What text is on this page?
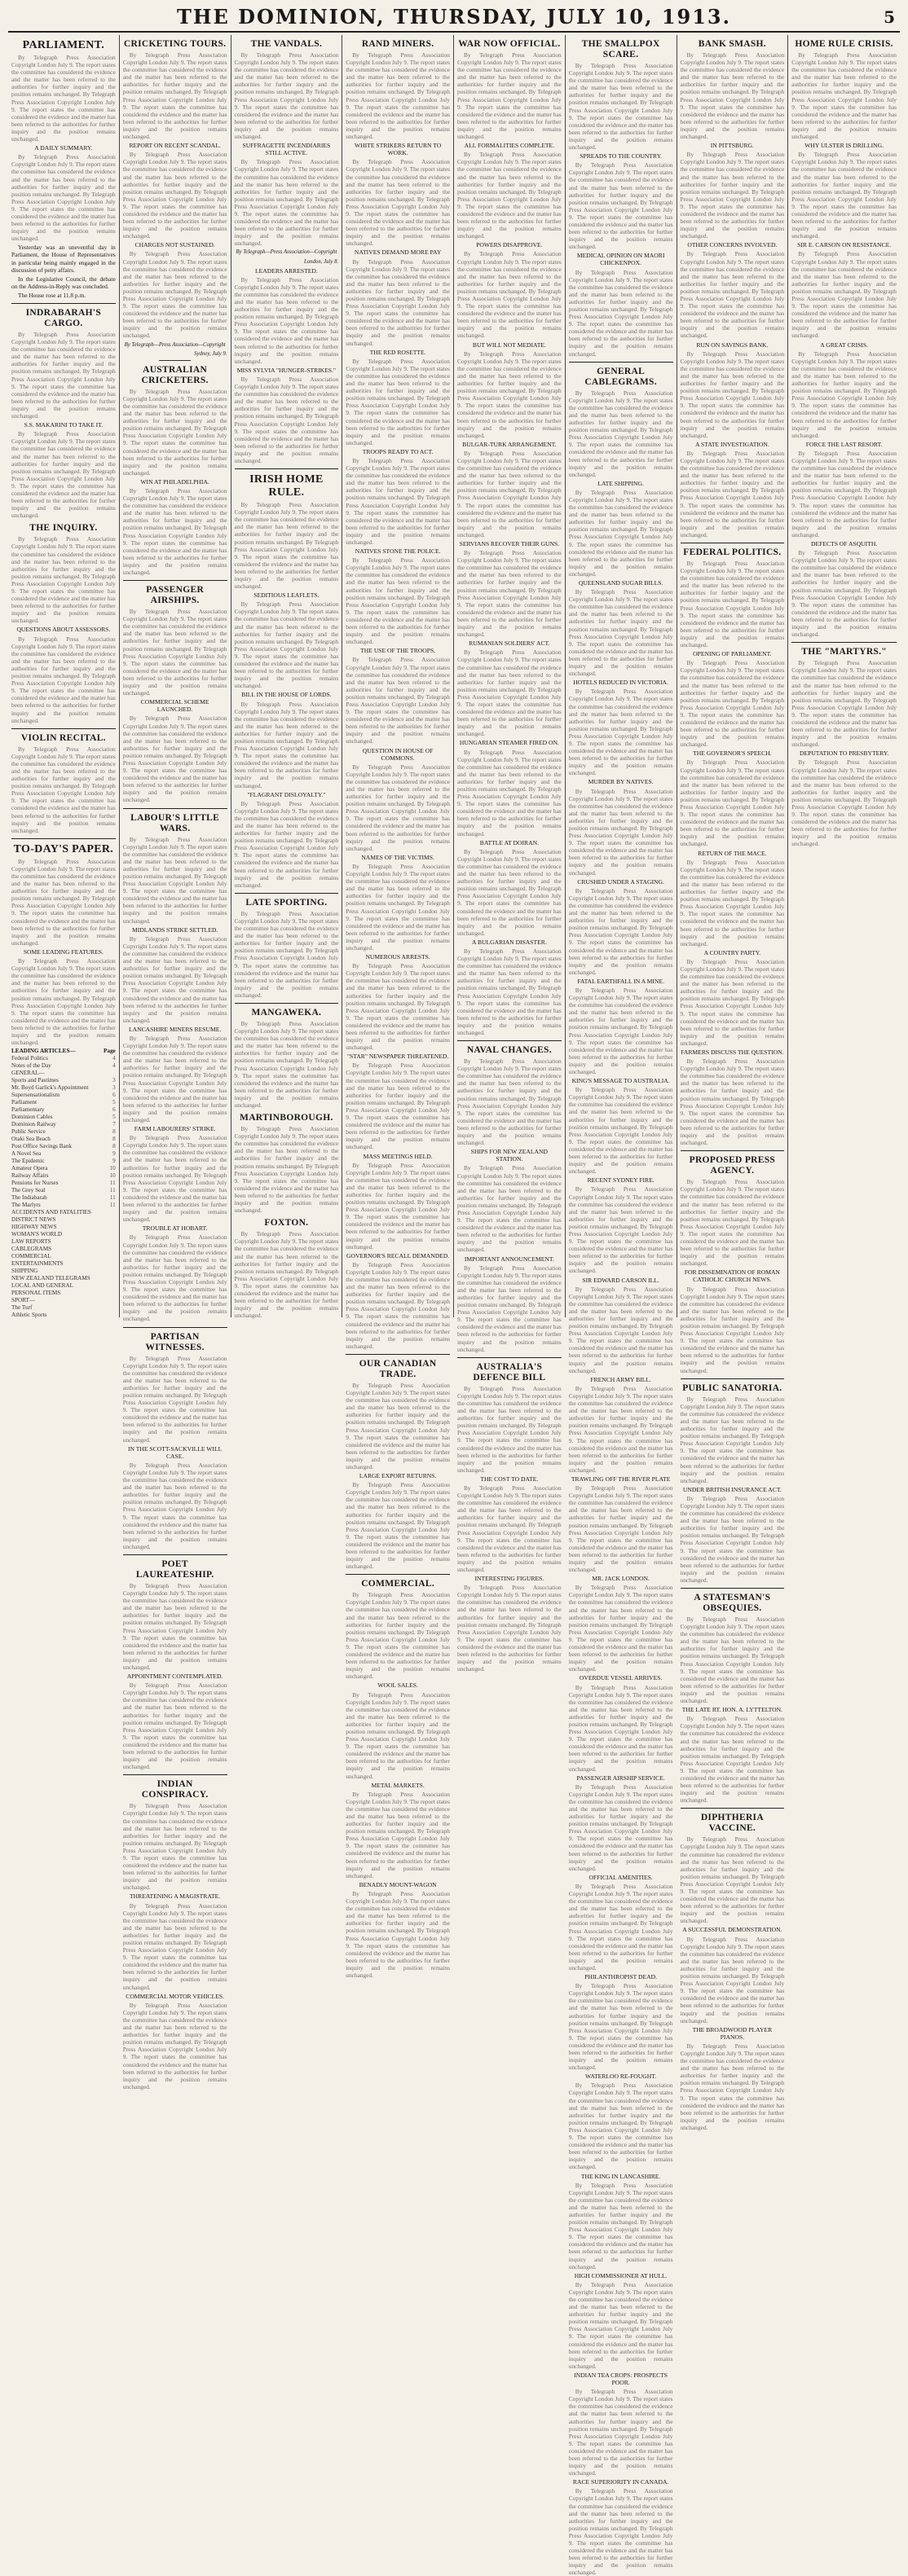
THE DOMINION, THURSDAY, JULY 10, 1913.	5
PARLIAMENT.
By Telegraph Press Association Copyright London July 9. The report states the committee has considered the evidence and the matter has been referred to the authorities for further inquiry and the position remains unchanged. By Telegraph Press Association Copyright London July 9. The report states the committee has considered the evidence and the matter has been referred to the authorities for further inquiry and the position remains unchanged.
A DAILY SUMMARY.
By Telegraph Press Association Copyright London July 9. The report states the committee has considered the evidence and the matter has been referred to the authorities for further inquiry and the position remains unchanged. By Telegraph Press Association Copyright London July 9. The report states the committee has considered the evidence and the matter has been referred to the authorities for further inquiry and the position remains unchanged.
Yesterday was an uneventful day in Parliament, the House of Representatives in particular being mainly engaged in the discussion of petty affairs.
In the Legislative Council, the debate on the Address-in-Reply was concluded.
The House rose at 11.8 p.m.
INDRABARAH'S CARGO.
By Telegraph Press Association Copyright London July 9. The report states the committee has considered the evidence and the matter has been referred to the authorities for further inquiry and the position remains unchanged. By Telegraph Press Association Copyright London July 9. The report states the committee has considered the evidence and the matter has been referred to the authorities for further inquiry and the position remains unchanged.
S.S. MAKARINI TO TAKE IT.
By Telegraph Press Association Copyright London July 9. The report states the committee has considered the evidence and the matter has been referred to the authorities for further inquiry and the position remains unchanged. By Telegraph Press Association Copyright London July 9. The report states the committee has considered the evidence and the matter has been referred to the authorities for further inquiry and the position remains unchanged.
THE INQUIRY.
By Telegraph Press Association Copyright London July 9. The report states the committee has considered the evidence and the matter has been referred to the authorities for further inquiry and the position remains unchanged. By Telegraph Press Association Copyright London July 9. The report states the committee has considered the evidence and the matter has been referred to the authorities for further inquiry and the position remains unchanged.
QUESTIONS ABOUT ASSESSORS.
By Telegraph Press Association Copyright London July 9. The report states the committee has considered the evidence and the matter has been referred to the authorities for further inquiry and the position remains unchanged. By Telegraph Press Association Copyright London July 9. The report states the committee has considered the evidence and the matter has been referred to the authorities for further inquiry and the position remains unchanged.
VIOLIN RECITAL.
By Telegraph Press Association Copyright London July 9. The report states the committee has considered the evidence and the matter has been referred to the authorities for further inquiry and the position remains unchanged. By Telegraph Press Association Copyright London July 9. The report states the committee has considered the evidence and the matter has been referred to the authorities for further inquiry and the position remains unchanged.
TO-DAY'S PAPER.
By Telegraph Press Association Copyright London July 9. The report states the committee has considered the evidence and the matter has been referred to the authorities for further inquiry and the position remains unchanged. By Telegraph Press Association Copyright London July 9. The report states the committee has considered the evidence and the matter has been referred to the authorities for further inquiry and the position remains unchanged.
SOME LEADING FEATURES.
By Telegraph Press Association Copyright London July 9. The report states the committee has considered the evidence and the matter has been referred to the authorities for further inquiry and the position remains unchanged. By Telegraph Press Association Copyright London July 9. The report states the committee has considered the evidence and the matter has been referred to the authorities for further inquiry and the position remains unchanged.
LEADING ARTICLES—	Page
Federal Politics	4
Notes of the Day	4
GENERAL—
Sports and Pastimes	3
Mr. Boyd Garlick's Appointment	3
Supersensationalism	6
Parliament	5
Parliamentary	6
Dominion Cables	5
Dominion Railway	7
Public Service	8
Otaki Sea Beach	8
Post Office Savings Bank	8
A Novel Sea	9
The Epidemic	9
Amateur Opera	10
Railway Affairs	10
Pensions for Nurses	11
The Grey Seal	11
The Indiabarah	11
The Marlyrs	11
ACCIDENTS AND FATALITIES
DISTRICT NEWS
HIGHWAY NEWS
WOMAN'S WORLD
LAW REPORTS
CABLEGRAMS
COMMERCIAL
ENTERTAINMENTS
SHIPPING
NEW ZEALAND TELEGRAMS
LOCAL AND GENERAL
PERSONAL ITEMS
SPORT—
The Turf
Athletic Sports
CRICKETING TOURS.
By Telegraph Press Association Copyright London July 9. The report states the committee has considered the evidence and the matter has been referred to the authorities for further inquiry and the position remains unchanged. By Telegraph Press Association Copyright London July 9. The report states the committee has considered the evidence and the matter has been referred to the authorities for further inquiry and the position remains unchanged.
REPORT ON RECENT SCANDAL.
By Telegraph Press Association Copyright London July 9. The report states the committee has considered the evidence and the matter has been referred to the authorities for further inquiry and the position remains unchanged. By Telegraph Press Association Copyright London July 9. The report states the committee has considered the evidence and the matter has been referred to the authorities for further inquiry and the position remains unchanged.
CHARGES NOT SUSTAINED.
By Telegraph Press Association Copyright London July 9. The report states the committee has considered the evidence and the matter has been referred to the authorities for further inquiry and the position remains unchanged. By Telegraph Press Association Copyright London July 9. The report states the committee has considered the evidence and the matter has been referred to the authorities for further inquiry and the position remains unchanged.
By Telegraph—Press Association—Copyright
Sydney, July 9.
AUSTRALIAN CRICKETERS.
By Telegraph Press Association Copyright London July 9. The report states the committee has considered the evidence and the matter has been referred to the authorities for further inquiry and the position remains unchanged. By Telegraph Press Association Copyright London July 9. The report states the committee has considered the evidence and the matter has been referred to the authorities for further inquiry and the position remains unchanged.
WIN AT PHILADELPHIA.
By Telegraph Press Association Copyright London July 9. The report states the committee has considered the evidence and the matter has been referred to the authorities for further inquiry and the position remains unchanged. By Telegraph Press Association Copyright London July 9. The report states the committee has considered the evidence and the matter has been referred to the authorities for further inquiry and the position remains unchanged.
PASSENGER AIRSHIPS.
By Telegraph Press Association Copyright London July 9. The report states the committee has considered the evidence and the matter has been referred to the authorities for further inquiry and the position remains unchanged. By Telegraph Press Association Copyright London July 9. The report states the committee has considered the evidence and the matter has been referred to the authorities for further inquiry and the position remains unchanged.
COMMERCIAL SCHEME LAUNCHED.
By Telegraph Press Association Copyright London July 9. The report states the committee has considered the evidence and the matter has been referred to the authorities for further inquiry and the position remains unchanged. By Telegraph Press Association Copyright London July 9. The report states the committee has considered the evidence and the matter has been referred to the authorities for further inquiry and the position remains unchanged.
LABOUR'S LITTLE WARS.
By Telegraph Press Association Copyright London July 9. The report states the committee has considered the evidence and the matter has been referred to the authorities for further inquiry and the position remains unchanged. By Telegraph Press Association Copyright London July 9. The report states the committee has considered the evidence and the matter has been referred to the authorities for further inquiry and the position remains unchanged.
MIDLANDS STRIKE SETTLED.
By Telegraph Press Association Copyright London July 9. The report states the committee has considered the evidence and the matter has been referred to the authorities for further inquiry and the position remains unchanged. By Telegraph Press Association Copyright London July 9. The report states the committee has considered the evidence and the matter has been referred to the authorities for further inquiry and the position remains unchanged.
LANCASHIRE MINERS RESUME.
By Telegraph Press Association Copyright London July 9. The report states the committee has considered the evidence and the matter has been referred to the authorities for further inquiry and the position remains unchanged. By Telegraph Press Association Copyright London July 9. The report states the committee has considered the evidence and the matter has been referred to the authorities for further inquiry and the position remains unchanged.
FARM LABOURERS' STRIKE.
By Telegraph Press Association Copyright London July 9. The report states the committee has considered the evidence and the matter has been referred to the authorities for further inquiry and the position remains unchanged. By Telegraph Press Association Copyright London July 9. The report states the committee has considered the evidence and the matter has been referred to the authorities for further inquiry and the position remains unchanged.
TROUBLE AT HOBART.
By Telegraph Press Association Copyright London July 9. The report states the committee has considered the evidence and the matter has been referred to the authorities for further inquiry and the position remains unchanged. By Telegraph Press Association Copyright London July 9. The report states the committee has considered the evidence and the matter has been referred to the authorities for further inquiry and the position remains unchanged.
PARTISAN WITNESSES.
By Telegraph Press Association Copyright London July 9. The report states the committee has considered the evidence and the matter has been referred to the authorities for further inquiry and the position remains unchanged. By Telegraph Press Association Copyright London July 9. The report states the committee has considered the evidence and the matter has been referred to the authorities for further inquiry and the position remains unchanged.
IN THE SCOTT-SACKVILLE WILL CASE.
By Telegraph Press Association Copyright London July 9. The report states the committee has considered the evidence and the matter has been referred to the authorities for further inquiry and the position remains unchanged. By Telegraph Press Association Copyright London July 9. The report states the committee has considered the evidence and the matter has been referred to the authorities for further inquiry and the position remains unchanged.
POET LAUREATESHIP.
By Telegraph Press Association Copyright London July 9. The report states the committee has considered the evidence and the matter has been referred to the authorities for further inquiry and the position remains unchanged. By Telegraph Press Association Copyright London July 9. The report states the committee has considered the evidence and the matter has been referred to the authorities for further inquiry and the position remains unchanged.
APPOINTMENT CONTEMPLATED.
By Telegraph Press Association Copyright London July 9. The report states the committee has considered the evidence and the matter has been referred to the authorities for further inquiry and the position remains unchanged. By Telegraph Press Association Copyright London July 9. The report states the committee has considered the evidence and the matter has been referred to the authorities for further inquiry and the position remains unchanged.
INDIAN CONSPIRACY.
By Telegraph Press Association Copyright London July 9. The report states the committee has considered the evidence and the matter has been referred to the authorities for further inquiry and the position remains unchanged. By Telegraph Press Association Copyright London July 9. The report states the committee has considered the evidence and the matter has been referred to the authorities for further inquiry and the position remains unchanged.
THREATENING A MAGISTRATE.
By Telegraph Press Association Copyright London July 9. The report states the committee has considered the evidence and the matter has been referred to the authorities for further inquiry and the position remains unchanged. By Telegraph Press Association Copyright London July 9. The report states the committee has considered the evidence and the matter has been referred to the authorities for further inquiry and the position remains unchanged.
COMMERCIAL MOTOR VEHICLES.
By Telegraph Press Association Copyright London July 9. The report states the committee has considered the evidence and the matter has been referred to the authorities for further inquiry and the position remains unchanged. By Telegraph Press Association Copyright London July 9. The report states the committee has considered the evidence and the matter has been referred to the authorities for further inquiry and the position remains unchanged.
THE VANDALS.
By Telegraph Press Association Copyright London July 9. The report states the committee has considered the evidence and the matter has been referred to the authorities for further inquiry and the position remains unchanged. By Telegraph Press Association Copyright London July 9. The report states the committee has considered the evidence and the matter has been referred to the authorities for further inquiry and the position remains unchanged.
SUFFRAGETTE INCENDIARIES STILL ACTIVE.
By Telegraph Press Association Copyright London July 9. The report states the committee has considered the evidence and the matter has been referred to the authorities for further inquiry and the position remains unchanged. By Telegraph Press Association Copyright London July 9. The report states the committee has considered the evidence and the matter has been referred to the authorities for further inquiry and the position remains unchanged.
By Telegraph—Press Association—Copyright
London, July 8.
LEADERS ARRESTED.
By Telegraph Press Association Copyright London July 9. The report states the committee has considered the evidence and the matter has been referred to the authorities for further inquiry and the position remains unchanged. By Telegraph Press Association Copyright London July 9. The report states the committee has considered the evidence and the matter has been referred to the authorities for further inquiry and the position remains unchanged.
MISS SYLVIA "HUNGER-STRIKES."
By Telegraph Press Association Copyright London July 9. The report states the committee has considered the evidence and the matter has been referred to the authorities for further inquiry and the position remains unchanged. By Telegraph Press Association Copyright London July 9. The report states the committee has considered the evidence and the matter has been referred to the authorities for further inquiry and the position remains unchanged.
IRISH HOME RULE.
By Telegraph Press Association Copyright London July 9. The report states the committee has considered the evidence and the matter has been referred to the authorities for further inquiry and the position remains unchanged. By Telegraph Press Association Copyright London July 9. The report states the committee has considered the evidence and the matter has been referred to the authorities for further inquiry and the position remains unchanged.
SEDITIOUS LEAFLETS.
By Telegraph Press Association Copyright London July 9. The report states the committee has considered the evidence and the matter has been referred to the authorities for further inquiry and the position remains unchanged. By Telegraph Press Association Copyright London July 9. The report states the committee has considered the evidence and the matter has been referred to the authorities for further inquiry and the position remains unchanged.
BILL IN THE HOUSE OF LORDS.
By Telegraph Press Association Copyright London July 9. The report states the committee has considered the evidence and the matter has been referred to the authorities for further inquiry and the position remains unchanged. By Telegraph Press Association Copyright London July 9. The report states the committee has considered the evidence and the matter has been referred to the authorities for further inquiry and the position remains unchanged.
"FLAGRANT DISLOYALTY."
By Telegraph Press Association Copyright London July 9. The report states the committee has considered the evidence and the matter has been referred to the authorities for further inquiry and the position remains unchanged. By Telegraph Press Association Copyright London July 9. The report states the committee has considered the evidence and the matter has been referred to the authorities for further inquiry and the position remains unchanged.
LATE SPORTING.
By Telegraph Press Association Copyright London July 9. The report states the committee has considered the evidence and the matter has been referred to the authorities for further inquiry and the position remains unchanged. By Telegraph Press Association Copyright London July 9. The report states the committee has considered the evidence and the matter has been referred to the authorities for further inquiry and the position remains unchanged.
MANGAWEKA.
By Telegraph Press Association Copyright London July 9. The report states the committee has considered the evidence and the matter has been referred to the authorities for further inquiry and the position remains unchanged. By Telegraph Press Association Copyright London July 9. The report states the committee has considered the evidence and the matter has been referred to the authorities for further inquiry and the position remains unchanged.
MARTINBOROUGH.
By Telegraph Press Association Copyright London July 9. The report states the committee has considered the evidence and the matter has been referred to the authorities for further inquiry and the position remains unchanged. By Telegraph Press Association Copyright London July 9. The report states the committee has considered the evidence and the matter has been referred to the authorities for further inquiry and the position remains unchanged.
FOXTON.
By Telegraph Press Association Copyright London July 9. The report states the committee has considered the evidence and the matter has been referred to the authorities for further inquiry and the position remains unchanged. By Telegraph Press Association Copyright London July 9. The report states the committee has considered the evidence and the matter has been referred to the authorities for further inquiry and the position remains unchanged.
RAND MINERS.
By Telegraph Press Association Copyright London July 9. The report states the committee has considered the evidence and the matter has been referred to the authorities for further inquiry and the position remains unchanged. By Telegraph Press Association Copyright London July 9. The report states the committee has considered the evidence and the matter has been referred to the authorities for further inquiry and the position remains unchanged.
WHITE STRIKERS RETURN TO WORK.
By Telegraph Press Association Copyright London July 9. The report states the committee has considered the evidence and the matter has been referred to the authorities for further inquiry and the position remains unchanged. By Telegraph Press Association Copyright London July 9. The report states the committee has considered the evidence and the matter has been referred to the authorities for further inquiry and the position remains unchanged.
NATIVES DEMAND MORE PAY
By Telegraph Press Association Copyright London July 9. The report states the committee has considered the evidence and the matter has been referred to the authorities for further inquiry and the position remains unchanged. By Telegraph Press Association Copyright London July 9. The report states the committee has considered the evidence and the matter has been referred to the authorities for further inquiry and the position remains unchanged.
THE RED ROSETTE.
By Telegraph Press Association Copyright London July 9. The report states the committee has considered the evidence and the matter has been referred to the authorities for further inquiry and the position remains unchanged. By Telegraph Press Association Copyright London July 9. The report states the committee has considered the evidence and the matter has been referred to the authorities for further inquiry and the position remains unchanged.
TROOPS READY TO ACT.
By Telegraph Press Association Copyright London July 9. The report states the committee has considered the evidence and the matter has been referred to the authorities for further inquiry and the position remains unchanged. By Telegraph Press Association Copyright London July 9. The report states the committee has considered the evidence and the matter has been referred to the authorities for further inquiry and the position remains unchanged.
NATIVES STONE THE POLICE.
By Telegraph Press Association Copyright London July 9. The report states the committee has considered the evidence and the matter has been referred to the authorities for further inquiry and the position remains unchanged. By Telegraph Press Association Copyright London July 9. The report states the committee has considered the evidence and the matter has been referred to the authorities for further inquiry and the position remains unchanged.
THE USE OF THE TROOPS.
By Telegraph Press Association Copyright London July 9. The report states the committee has considered the evidence and the matter has been referred to the authorities for further inquiry and the position remains unchanged. By Telegraph Press Association Copyright London July 9. The report states the committee has considered the evidence and the matter has been referred to the authorities for further inquiry and the position remains unchanged.
QUESTION IN HOUSE OF COMMONS.
By Telegraph Press Association Copyright London July 9. The report states the committee has considered the evidence and the matter has been referred to the authorities for further inquiry and the position remains unchanged. By Telegraph Press Association Copyright London July 9. The report states the committee has considered the evidence and the matter has been referred to the authorities for further inquiry and the position remains unchanged.
NAMES OF THE VICTIMS.
By Telegraph Press Association Copyright London July 9. The report states the committee has considered the evidence and the matter has been referred to the authorities for further inquiry and the position remains unchanged. By Telegraph Press Association Copyright London July 9. The report states the committee has considered the evidence and the matter has been referred to the authorities for further inquiry and the position remains unchanged.
NUMEROUS ARRESTS.
By Telegraph Press Association Copyright London July 9. The report states the committee has considered the evidence and the matter has been referred to the authorities for further inquiry and the position remains unchanged. By Telegraph Press Association Copyright London July 9. The report states the committee has considered the evidence and the matter has been referred to the authorities for further inquiry and the position remains unchanged.
"STAR" NEWSPAPER THREATENED.
By Telegraph Press Association Copyright London July 9. The report states the committee has considered the evidence and the matter has been referred to the authorities for further inquiry and the position remains unchanged. By Telegraph Press Association Copyright London July 9. The report states the committee has considered the evidence and the matter has been referred to the authorities for further inquiry and the position remains unchanged.
MASS MEETINGS HELD.
By Telegraph Press Association Copyright London July 9. The report states the committee has considered the evidence and the matter has been referred to the authorities for further inquiry and the position remains unchanged. By Telegraph Press Association Copyright London July 9. The report states the committee has considered the evidence and the matter has been referred to the authorities for further inquiry and the position remains unchanged.
GOVERNOR'S RECALL DEMANDED.
By Telegraph Press Association Copyright London July 9. The report states the committee has considered the evidence and the matter has been referred to the authorities for further inquiry and the position remains unchanged. By Telegraph Press Association Copyright London July 9. The report states the committee has considered the evidence and the matter has been referred to the authorities for further inquiry and the position remains unchanged.
OUR CANADIAN TRADE.
By Telegraph Press Association Copyright London July 9. The report states the committee has considered the evidence and the matter has been referred to the authorities for further inquiry and the position remains unchanged. By Telegraph Press Association Copyright London July 9. The report states the committee has considered the evidence and the matter has been referred to the authorities for further inquiry and the position remains unchanged.
LARGE EXPORT RETURNS.
By Telegraph Press Association Copyright London July 9. The report states the committee has considered the evidence and the matter has been referred to the authorities for further inquiry and the position remains unchanged. By Telegraph Press Association Copyright London July 9. The report states the committee has considered the evidence and the matter has been referred to the authorities for further inquiry and the position remains unchanged.
COMMERCIAL.
By Telegraph Press Association Copyright London July 9. The report states the committee has considered the evidence and the matter has been referred to the authorities for further inquiry and the position remains unchanged. By Telegraph Press Association Copyright London July 9. The report states the committee has considered the evidence and the matter has been referred to the authorities for further inquiry and the position remains unchanged.
WOOL SALES.
By Telegraph Press Association Copyright London July 9. The report states the committee has considered the evidence and the matter has been referred to the authorities for further inquiry and the position remains unchanged. By Telegraph Press Association Copyright London July 9. The report states the committee has considered the evidence and the matter has been referred to the authorities for further inquiry and the position remains unchanged.
METAL MARKETS.
By Telegraph Press Association Copyright London July 9. The report states the committee has considered the evidence and the matter has been referred to the authorities for further inquiry and the position remains unchanged. By Telegraph Press Association Copyright London July 9. The report states the committee has considered the evidence and the matter has been referred to the authorities for further inquiry and the position remains unchanged.
BENADLY MOUNT-WAGON
By Telegraph Press Association Copyright London July 9. The report states the committee has considered the evidence and the matter has been referred to the authorities for further inquiry and the position remains unchanged. By Telegraph Press Association Copyright London July 9. The report states the committee has considered the evidence and the matter has been referred to the authorities for further inquiry and the position remains unchanged.
WAR NOW OFFICIAL.
By Telegraph Press Association Copyright London July 9. The report states the committee has considered the evidence and the matter has been referred to the authorities for further inquiry and the position remains unchanged. By Telegraph Press Association Copyright London July 9. The report states the committee has considered the evidence and the matter has been referred to the authorities for further inquiry and the position remains unchanged.
ALL FORMALITIES COMPLETE.
By Telegraph Press Association Copyright London July 9. The report states the committee has considered the evidence and the matter has been referred to the authorities for further inquiry and the position remains unchanged. By Telegraph Press Association Copyright London July 9. The report states the committee has considered the evidence and the matter has been referred to the authorities for further inquiry and the position remains unchanged.
POWERS DISAPPROVE.
By Telegraph Press Association Copyright London July 9. The report states the committee has considered the evidence and the matter has been referred to the authorities for further inquiry and the position remains unchanged. By Telegraph Press Association Copyright London July 9. The report states the committee has considered the evidence and the matter has been referred to the authorities for further inquiry and the position remains unchanged.
BUT WILL NOT MEDIATE.
By Telegraph Press Association Copyright London July 9. The report states the committee has considered the evidence and the matter has been referred to the authorities for further inquiry and the position remains unchanged. By Telegraph Press Association Copyright London July 9. The report states the committee has considered the evidence and the matter has been referred to the authorities for further inquiry and the position remains unchanged.
BULGAR-TURK ARRANGEMENT.
By Telegraph Press Association Copyright London July 9. The report states the committee has considered the evidence and the matter has been referred to the authorities for further inquiry and the position remains unchanged. By Telegraph Press Association Copyright London July 9. The report states the committee has considered the evidence and the matter has been referred to the authorities for further inquiry and the position remains unchanged.
SERVIANS RECOVER THEIR GUNS.
By Telegraph Press Association Copyright London July 9. The report states the committee has considered the evidence and the matter has been referred to the authorities for further inquiry and the position remains unchanged. By Telegraph Press Association Copyright London July 9. The report states the committee has considered the evidence and the matter has been referred to the authorities for further inquiry and the position remains unchanged.
RUMANIAN SOLDIERS' ACT.
By Telegraph Press Association Copyright London July 9. The report states the committee has considered the evidence and the matter has been referred to the authorities for further inquiry and the position remains unchanged. By Telegraph Press Association Copyright London July 9. The report states the committee has considered the evidence and the matter has been referred to the authorities for further inquiry and the position remains unchanged.
HUNGARIAN STEAMER FIRED ON.
By Telegraph Press Association Copyright London July 9. The report states the committee has considered the evidence and the matter has been referred to the authorities for further inquiry and the position remains unchanged. By Telegraph Press Association Copyright London July 9. The report states the committee has considered the evidence and the matter has been referred to the authorities for further inquiry and the position remains unchanged.
BATTLE AT DOIRAN.
By Telegraph Press Association Copyright London July 9. The report states the committee has considered the evidence and the matter has been referred to the authorities for further inquiry and the position remains unchanged. By Telegraph Press Association Copyright London July 9. The report states the committee has considered the evidence and the matter has been referred to the authorities for further inquiry and the position remains unchanged.
A BULGARIAN DISASTER.
By Telegraph Press Association Copyright London July 9. The report states the committee has considered the evidence and the matter has been referred to the authorities for further inquiry and the position remains unchanged. By Telegraph Press Association Copyright London July 9. The report states the committee has considered the evidence and the matter has been referred to the authorities for further inquiry and the position remains unchanged.
NAVAL CHANGES.
By Telegraph Press Association Copyright London July 9. The report states the committee has considered the evidence and the matter has been referred to the authorities for further inquiry and the position remains unchanged. By Telegraph Press Association Copyright London July 9. The report states the committee has considered the evidence and the matter has been referred to the authorities for further inquiry and the position remains unchanged.
SHIPS FOR NEW ZEALAND STATION.
By Telegraph Press Association Copyright London July 9. The report states the committee has considered the evidence and the matter has been referred to the authorities for further inquiry and the position remains unchanged. By Telegraph Press Association Copyright London July 9. The report states the committee has considered the evidence and the matter has been referred to the authorities for further inquiry and the position remains unchanged.
IMPORTANT ANNOUNCEMENT.
By Telegraph Press Association Copyright London July 9. The report states the committee has considered the evidence and the matter has been referred to the authorities for further inquiry and the position remains unchanged. By Telegraph Press Association Copyright London July 9. The report states the committee has considered the evidence and the matter has been referred to the authorities for further inquiry and the position remains unchanged.
AUSTRALIA'S DEFENCE BILL
By Telegraph Press Association Copyright London July 9. The report states the committee has considered the evidence and the matter has been referred to the authorities for further inquiry and the position remains unchanged. By Telegraph Press Association Copyright London July 9. The report states the committee has considered the evidence and the matter has been referred to the authorities for further inquiry and the position remains unchanged.
THE COST TO DATE.
By Telegraph Press Association Copyright London July 9. The report states the committee has considered the evidence and the matter has been referred to the authorities for further inquiry and the position remains unchanged. By Telegraph Press Association Copyright London July 9. The report states the committee has considered the evidence and the matter has been referred to the authorities for further inquiry and the position remains unchanged.
INTERESTING FIGURES.
By Telegraph Press Association Copyright London July 9. The report states the committee has considered the evidence and the matter has been referred to the authorities for further inquiry and the position remains unchanged. By Telegraph Press Association Copyright London July 9. The report states the committee has considered the evidence and the matter has been referred to the authorities for further inquiry and the position remains unchanged.
THE SMALLPOX SCARE.
By Telegraph Press Association Copyright London July 9. The report states the committee has considered the evidence and the matter has been referred to the authorities for further inquiry and the position remains unchanged. By Telegraph Press Association Copyright London July 9. The report states the committee has considered the evidence and the matter has been referred to the authorities for further inquiry and the position remains unchanged.
SPREADS TO THE COUNTRY.
By Telegraph Press Association Copyright London July 9. The report states the committee has considered the evidence and the matter has been referred to the authorities for further inquiry and the position remains unchanged. By Telegraph Press Association Copyright London July 9. The report states the committee has considered the evidence and the matter has been referred to the authorities for further inquiry and the position remains unchanged.
MEDICAL OPINION ON MAORI CHICKENPOX.
By Telegraph Press Association Copyright London July 9. The report states the committee has considered the evidence and the matter has been referred to the authorities for further inquiry and the position remains unchanged. By Telegraph Press Association Copyright London July 9. The report states the committee has considered the evidence and the matter has been referred to the authorities for further inquiry and the position remains unchanged.
GENERAL CABLEGRAMS.
By Telegraph Press Association Copyright London July 9. The report states the committee has considered the evidence and the matter has been referred to the authorities for further inquiry and the position remains unchanged. By Telegraph Press Association Copyright London July 9. The report states the committee has considered the evidence and the matter has been referred to the authorities for further inquiry and the position remains unchanged.
LATE SHIPPING.
By Telegraph Press Association Copyright London July 9. The report states the committee has considered the evidence and the matter has been referred to the authorities for further inquiry and the position remains unchanged. By Telegraph Press Association Copyright London July 9. The report states the committee has considered the evidence and the matter has been referred to the authorities for further inquiry and the position remains unchanged.
QUEENSLAND SUGAR BILLS.
By Telegraph Press Association Copyright London July 9. The report states the committee has considered the evidence and the matter has been referred to the authorities for further inquiry and the position remains unchanged. By Telegraph Press Association Copyright London July 9. The report states the committee has considered the evidence and the matter has been referred to the authorities for further inquiry and the position remains unchanged.
HOTELS REDUCED IN VICTORIA.
By Telegraph Press Association Copyright London July 9. The report states the committee has considered the evidence and the matter has been referred to the authorities for further inquiry and the position remains unchanged. By Telegraph Press Association Copyright London July 9. The report states the committee has considered the evidence and the matter has been referred to the authorities for further inquiry and the position remains unchanged.
MURDER BY NATIVES.
By Telegraph Press Association Copyright London July 9. The report states the committee has considered the evidence and the matter has been referred to the authorities for further inquiry and the position remains unchanged. By Telegraph Press Association Copyright London July 9. The report states the committee has considered the evidence and the matter has been referred to the authorities for further inquiry and the position remains unchanged.
CRUSHED UNDER A STAGING.
By Telegraph Press Association Copyright London July 9. The report states the committee has considered the evidence and the matter has been referred to the authorities for further inquiry and the position remains unchanged. By Telegraph Press Association Copyright London July 9. The report states the committee has considered the evidence and the matter has been referred to the authorities for further inquiry and the position remains unchanged.
FATAL EARTHFALL IN A MINE.
By Telegraph Press Association Copyright London July 9. The report states the committee has considered the evidence and the matter has been referred to the authorities for further inquiry and the position remains unchanged. By Telegraph Press Association Copyright London July 9. The report states the committee has considered the evidence and the matter has been referred to the authorities for further inquiry and the position remains unchanged.
KING'S MESSAGE TO AUSTRALIA.
By Telegraph Press Association Copyright London July 9. The report states the committee has considered the evidence and the matter has been referred to the authorities for further inquiry and the position remains unchanged. By Telegraph Press Association Copyright London July 9. The report states the committee has considered the evidence and the matter has been referred to the authorities for further inquiry and the position remains unchanged.
RECENT SYDNEY FIRE.
By Telegraph Press Association Copyright London July 9. The report states the committee has considered the evidence and the matter has been referred to the authorities for further inquiry and the position remains unchanged. By Telegraph Press Association Copyright London July 9. The report states the committee has considered the evidence and the matter has been referred to the authorities for further inquiry and the position remains unchanged.
SIR EDWARD CARSON ILL.
By Telegraph Press Association Copyright London July 9. The report states the committee has considered the evidence and the matter has been referred to the authorities for further inquiry and the position remains unchanged. By Telegraph Press Association Copyright London July 9. The report states the committee has considered the evidence and the matter has been referred to the authorities for further inquiry and the position remains unchanged.
FRENCH ARMY BILL.
By Telegraph Press Association Copyright London July 9. The report states the committee has considered the evidence and the matter has been referred to the authorities for further inquiry and the position remains unchanged. By Telegraph Press Association Copyright London July 9. The report states the committee has considered the evidence and the matter has been referred to the authorities for further inquiry and the position remains unchanged.
TRAWLING OFF THE RIVER PLATE
By Telegraph Press Association Copyright London July 9. The report states the committee has considered the evidence and the matter has been referred to the authorities for further inquiry and the position remains unchanged. By Telegraph Press Association Copyright London July 9. The report states the committee has considered the evidence and the matter has been referred to the authorities for further inquiry and the position remains unchanged.
MR. JACK LONDON.
By Telegraph Press Association Copyright London July 9. The report states the committee has considered the evidence and the matter has been referred to the authorities for further inquiry and the position remains unchanged. By Telegraph Press Association Copyright London July 9. The report states the committee has considered the evidence and the matter has been referred to the authorities for further inquiry and the position remains unchanged.
OVERDUE VESSEL ARRIVES.
By Telegraph Press Association Copyright London July 9. The report states the committee has considered the evidence and the matter has been referred to the authorities for further inquiry and the position remains unchanged. By Telegraph Press Association Copyright London July 9. The report states the committee has considered the evidence and the matter has been referred to the authorities for further inquiry and the position remains unchanged.
PASSENGER AIRSHIP SERVICE.
By Telegraph Press Association Copyright London July 9. The report states the committee has considered the evidence and the matter has been referred to the authorities for further inquiry and the position remains unchanged. By Telegraph Press Association Copyright London July 9. The report states the committee has considered the evidence and the matter has been referred to the authorities for further inquiry and the position remains unchanged.
OFFICIAL AMENITIES.
By Telegraph Press Association Copyright London July 9. The report states the committee has considered the evidence and the matter has been referred to the authorities for further inquiry and the position remains unchanged. By Telegraph Press Association Copyright London July 9. The report states the committee has considered the evidence and the matter has been referred to the authorities for further inquiry and the position remains unchanged.
PHILANTHROPIST DEAD.
By Telegraph Press Association Copyright London July 9. The report states the committee has considered the evidence and the matter has been referred to the authorities for further inquiry and the position remains unchanged. By Telegraph Press Association Copyright London July 9. The report states the committee has considered the evidence and the matter has been referred to the authorities for further inquiry and the position remains unchanged.
WATERLOO RE-FOUGHT.
By Telegraph Press Association Copyright London July 9. The report states the committee has considered the evidence and the matter has been referred to the authorities for further inquiry and the position remains unchanged. By Telegraph Press Association Copyright London July 9. The report states the committee has considered the evidence and the matter has been referred to the authorities for further inquiry and the position remains unchanged.
THE KING IN LANCASHIRE.
By Telegraph Press Association Copyright London July 9. The report states the committee has considered the evidence and the matter has been referred to the authorities for further inquiry and the position remains unchanged. By Telegraph Press Association Copyright London July 9. The report states the committee has considered the evidence and the matter has been referred to the authorities for further inquiry and the position remains unchanged.
HIGH COMMISSIONER AT HULL.
By Telegraph Press Association Copyright London July 9. The report states the committee has considered the evidence and the matter has been referred to the authorities for further inquiry and the position remains unchanged. By Telegraph Press Association Copyright London July 9. The report states the committee has considered the evidence and the matter has been referred to the authorities for further inquiry and the position remains unchanged.
INDIAN TEA CROPS: PROSPECTS POOR.
By Telegraph Press Association Copyright London July 9. The report states the committee has considered the evidence and the matter has been referred to the authorities for further inquiry and the position remains unchanged. By Telegraph Press Association Copyright London July 9. The report states the committee has considered the evidence and the matter has been referred to the authorities for further inquiry and the position remains unchanged.
RACE SUPERIORITY IN CANADA.
By Telegraph Press Association Copyright London July 9. The report states the committee has considered the evidence and the matter has been referred to the authorities for further inquiry and the position remains unchanged. By Telegraph Press Association Copyright London July 9. The report states the committee has considered the evidence and the matter has been referred to the authorities for further inquiry and the position remains unchanged.
BANK SMASH.
By Telegraph Press Association Copyright London July 9. The report states the committee has considered the evidence and the matter has been referred to the authorities for further inquiry and the position remains unchanged. By Telegraph Press Association Copyright London July 9. The report states the committee has considered the evidence and the matter has been referred to the authorities for further inquiry and the position remains unchanged.
IN PITTSBURG.
By Telegraph Press Association Copyright London July 9. The report states the committee has considered the evidence and the matter has been referred to the authorities for further inquiry and the position remains unchanged. By Telegraph Press Association Copyright London July 9. The report states the committee has considered the evidence and the matter has been referred to the authorities for further inquiry and the position remains unchanged.
OTHER CONCERNS INVOLVED.
By Telegraph Press Association Copyright London July 9. The report states the committee has considered the evidence and the matter has been referred to the authorities for further inquiry and the position remains unchanged. By Telegraph Press Association Copyright London July 9. The report states the committee has considered the evidence and the matter has been referred to the authorities for further inquiry and the position remains unchanged.
RUN ON SAVINGS BANK.
By Telegraph Press Association Copyright London July 9. The report states the committee has considered the evidence and the matter has been referred to the authorities for further inquiry and the position remains unchanged. By Telegraph Press Association Copyright London July 9. The report states the committee has considered the evidence and the matter has been referred to the authorities for further inquiry and the position remains unchanged.
A STATE INVESTIGATION.
By Telegraph Press Association Copyright London July 9. The report states the committee has considered the evidence and the matter has been referred to the authorities for further inquiry and the position remains unchanged. By Telegraph Press Association Copyright London July 9. The report states the committee has considered the evidence and the matter has been referred to the authorities for further inquiry and the position remains unchanged.
FEDERAL POLITICS.
By Telegraph Press Association Copyright London July 9. The report states the committee has considered the evidence and the matter has been referred to the authorities for further inquiry and the position remains unchanged. By Telegraph Press Association Copyright London July 9. The report states the committee has considered the evidence and the matter has been referred to the authorities for further inquiry and the position remains unchanged.
OPENING OF PARLIAMENT.
By Telegraph Press Association Copyright London July 9. The report states the committee has considered the evidence and the matter has been referred to the authorities for further inquiry and the position remains unchanged. By Telegraph Press Association Copyright London July 9. The report states the committee has considered the evidence and the matter has been referred to the authorities for further inquiry and the position remains unchanged.
THE GOVERNOR'S SPEECH.
By Telegraph Press Association Copyright London July 9. The report states the committee has considered the evidence and the matter has been referred to the authorities for further inquiry and the position remains unchanged. By Telegraph Press Association Copyright London July 9. The report states the committee has considered the evidence and the matter has been referred to the authorities for further inquiry and the position remains unchanged.
RETURN OF THE MACE.
By Telegraph Press Association Copyright London July 9. The report states the committee has considered the evidence and the matter has been referred to the authorities for further inquiry and the position remains unchanged. By Telegraph Press Association Copyright London July 9. The report states the committee has considered the evidence and the matter has been referred to the authorities for further inquiry and the position remains unchanged.
A COUNTRY PARTY.
By Telegraph Press Association Copyright London July 9. The report states the committee has considered the evidence and the matter has been referred to the authorities for further inquiry and the position remains unchanged. By Telegraph Press Association Copyright London July 9. The report states the committee has considered the evidence and the matter has been referred to the authorities for further inquiry and the position remains unchanged.
FARMERS DISCUSS THE QUESTION.
By Telegraph Press Association Copyright London July 9. The report states the committee has considered the evidence and the matter has been referred to the authorities for further inquiry and the position remains unchanged. By Telegraph Press Association Copyright London July 9. The report states the committee has considered the evidence and the matter has been referred to the authorities for further inquiry and the position remains unchanged.
PROPOSED PRESS AGENCY.
By Telegraph Press Association Copyright London July 9. The report states the committee has considered the evidence and the matter has been referred to the authorities for further inquiry and the position remains unchanged. By Telegraph Press Association Copyright London July 9. The report states the committee has considered the evidence and the matter has been referred to the authorities for further inquiry and the position remains unchanged.
FOR DISSEMINATION OF ROMAN CATHOLIC CHURCH NEWS.
By Telegraph Press Association Copyright London July 9. The report states the committee has considered the evidence and the matter has been referred to the authorities for further inquiry and the position remains unchanged. By Telegraph Press Association Copyright London July 9. The report states the committee has considered the evidence and the matter has been referred to the authorities for further inquiry and the position remains unchanged.
PUBLIC SANATORIA.
By Telegraph Press Association Copyright London July 9. The report states the committee has considered the evidence and the matter has been referred to the authorities for further inquiry and the position remains unchanged. By Telegraph Press Association Copyright London July 9. The report states the committee has considered the evidence and the matter has been referred to the authorities for further inquiry and the position remains unchanged.
UNDER BRITISH INSURANCE ACT.
By Telegraph Press Association Copyright London July 9. The report states the committee has considered the evidence and the matter has been referred to the authorities for further inquiry and the position remains unchanged. By Telegraph Press Association Copyright London July 9. The report states the committee has considered the evidence and the matter has been referred to the authorities for further inquiry and the position remains unchanged.
A STATESMAN'S OBSEQUIES.
By Telegraph Press Association Copyright London July 9. The report states the committee has considered the evidence and the matter has been referred to the authorities for further inquiry and the position remains unchanged. By Telegraph Press Association Copyright London July 9. The report states the committee has considered the evidence and the matter has been referred to the authorities for further inquiry and the position remains unchanged.
THE LATE RT. HON. A. LYTTELTON.
By Telegraph Press Association Copyright London July 9. The report states the committee has considered the evidence and the matter has been referred to the authorities for further inquiry and the position remains unchanged. By Telegraph Press Association Copyright London July 9. The report states the committee has considered the evidence and the matter has been referred to the authorities for further inquiry and the position remains unchanged.
DIPHTHERIA VACCINE.
By Telegraph Press Association Copyright London July 9. The report states the committee has considered the evidence and the matter has been referred to the authorities for further inquiry and the position remains unchanged. By Telegraph Press Association Copyright London July 9. The report states the committee has considered the evidence and the matter has been referred to the authorities for further inquiry and the position remains unchanged.
A SUCCESSFUL DEMONSTRATION.
By Telegraph Press Association Copyright London July 9. The report states the committee has considered the evidence and the matter has been referred to the authorities for further inquiry and the position remains unchanged. By Telegraph Press Association Copyright London July 9. The report states the committee has considered the evidence and the matter has been referred to the authorities for further inquiry and the position remains unchanged.
THE BROADWOOD PLAYER PIANOS.
By Telegraph Press Association Copyright London July 9. The report states the committee has considered the evidence and the matter has been referred to the authorities for further inquiry and the position remains unchanged. By Telegraph Press Association Copyright London July 9. The report states the committee has considered the evidence and the matter has been referred to the authorities for further inquiry and the position remains unchanged.
HOME RULE CRISIS.
By Telegraph Press Association Copyright London July 9. The report states the committee has considered the evidence and the matter has been referred to the authorities for further inquiry and the position remains unchanged. By Telegraph Press Association Copyright London July 9. The report states the committee has considered the evidence and the matter has been referred to the authorities for further inquiry and the position remains unchanged.
WHY ULSTER IS DRILLING.
By Telegraph Press Association Copyright London July 9. The report states the committee has considered the evidence and the matter has been referred to the authorities for further inquiry and the position remains unchanged. By Telegraph Press Association Copyright London July 9. The report states the committee has considered the evidence and the matter has been referred to the authorities for further inquiry and the position remains unchanged.
SIR E. CARSON ON RESISTANCE.
By Telegraph Press Association Copyright London July 9. The report states the committee has considered the evidence and the matter has been referred to the authorities for further inquiry and the position remains unchanged. By Telegraph Press Association Copyright London July 9. The report states the committee has considered the evidence and the matter has been referred to the authorities for further inquiry and the position remains unchanged.
A GREAT CRISIS.
By Telegraph Press Association Copyright London July 9. The report states the committee has considered the evidence and the matter has been referred to the authorities for further inquiry and the position remains unchanged. By Telegraph Press Association Copyright London July 9. The report states the committee has considered the evidence and the matter has been referred to the authorities for further inquiry and the position remains unchanged.
FORCE THE LAST RESORT.
By Telegraph Press Association Copyright London July 9. The report states the committee has considered the evidence and the matter has been referred to the authorities for further inquiry and the position remains unchanged. By Telegraph Press Association Copyright London July 9. The report states the committee has considered the evidence and the matter has been referred to the authorities for further inquiry and the position remains unchanged.
DEFECTS OF ASQUITH.
By Telegraph Press Association Copyright London July 9. The report states the committee has considered the evidence and the matter has been referred to the authorities for further inquiry and the position remains unchanged. By Telegraph Press Association Copyright London July 9. The report states the committee has considered the evidence and the matter has been referred to the authorities for further inquiry and the position remains unchanged.
THE "MARTYRS."
By Telegraph Press Association Copyright London July 9. The report states the committee has considered the evidence and the matter has been referred to the authorities for further inquiry and the position remains unchanged. By Telegraph Press Association Copyright London July 9. The report states the committee has considered the evidence and the matter has been referred to the authorities for further inquiry and the position remains unchanged.
DEPUTATION TO PRESBYTERY.
By Telegraph Press Association Copyright London July 9. The report states the committee has considered the evidence and the matter has been referred to the authorities for further inquiry and the position remains unchanged. By Telegraph Press Association Copyright London July 9. The report states the committee has considered the evidence and the matter has been referred to the authorities for further inquiry and the position remains unchanged.
